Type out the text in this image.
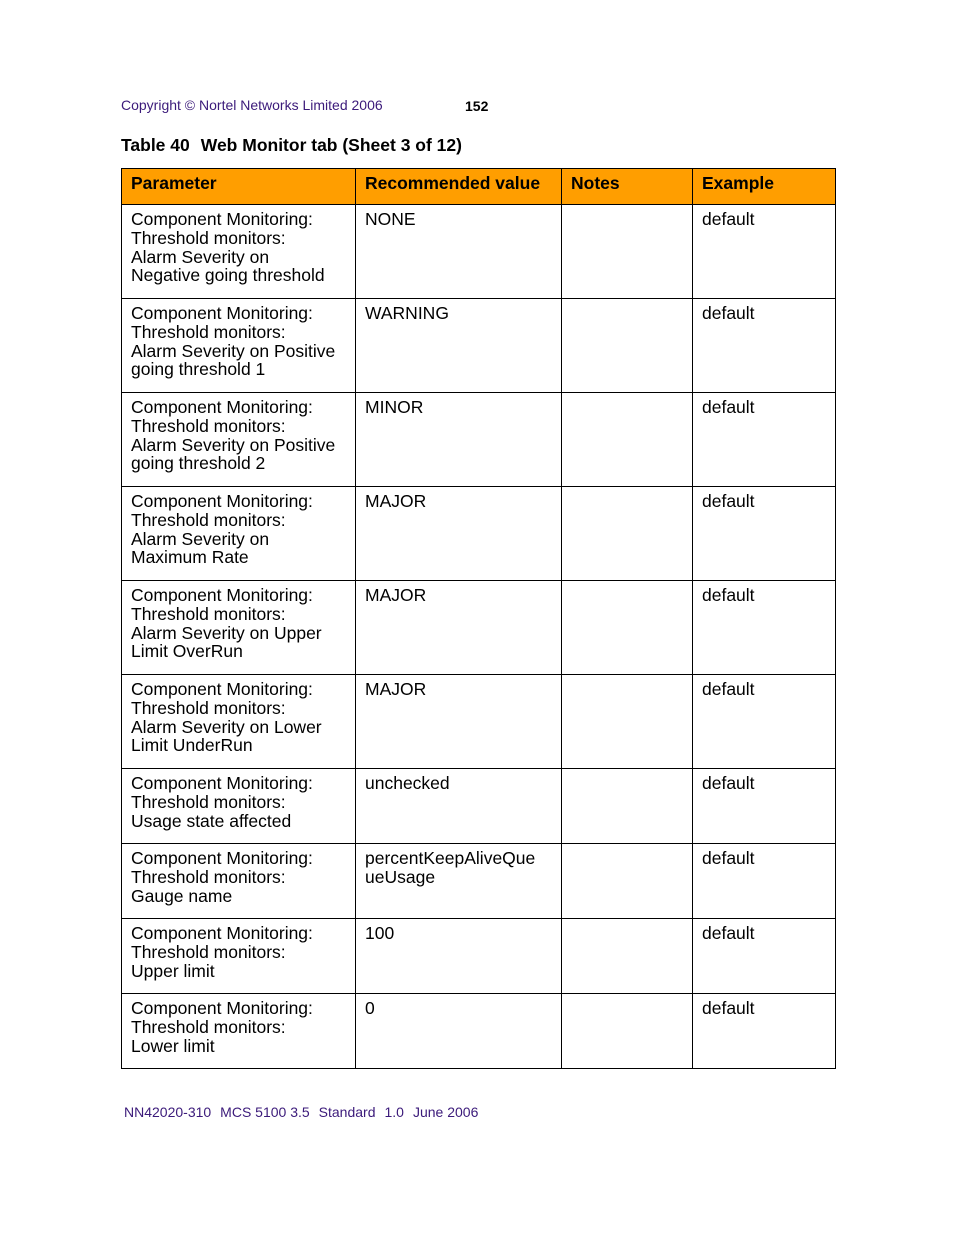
Copyright © Nortel Networks Limited 2006	152
Table 40 Web Monitor tab (Sheet 3 of 12)
Parameter	Recommended value	Notes	Example

Component Monitoring:
Threshold monitors:
Alarm Severity on
Negative going threshold	NONE		default

Component Monitoring:
Threshold monitors:
Alarm Severity on Positive
going threshold 1	WARNING		default

Component Monitoring:
Threshold monitors:
Alarm Severity on Positive
going threshold 2	MINOR		default

Component Monitoring:
Threshold monitors:
Alarm Severity on
Maximum Rate	MAJOR		default

Component Monitoring:
Threshold monitors:
Alarm Severity on Upper
Limit OverRun	MAJOR		default

Component Monitoring:
Threshold monitors:
Alarm Severity on Lower
Limit UnderRun	MAJOR		default

Component Monitoring:
Threshold monitors:
Usage state affected	unchecked		default

Component Monitoring:
Threshold monitors:
Gauge name	percentKeepAliveQue
ueUsage		default

Component Monitoring:
Threshold monitors:
Upper limit	100		default

Component Monitoring:
Threshold monitors:
Lower limit	0		default
NN42020-310 MCS 5100 3.5 Standard 1.0 June 2006
